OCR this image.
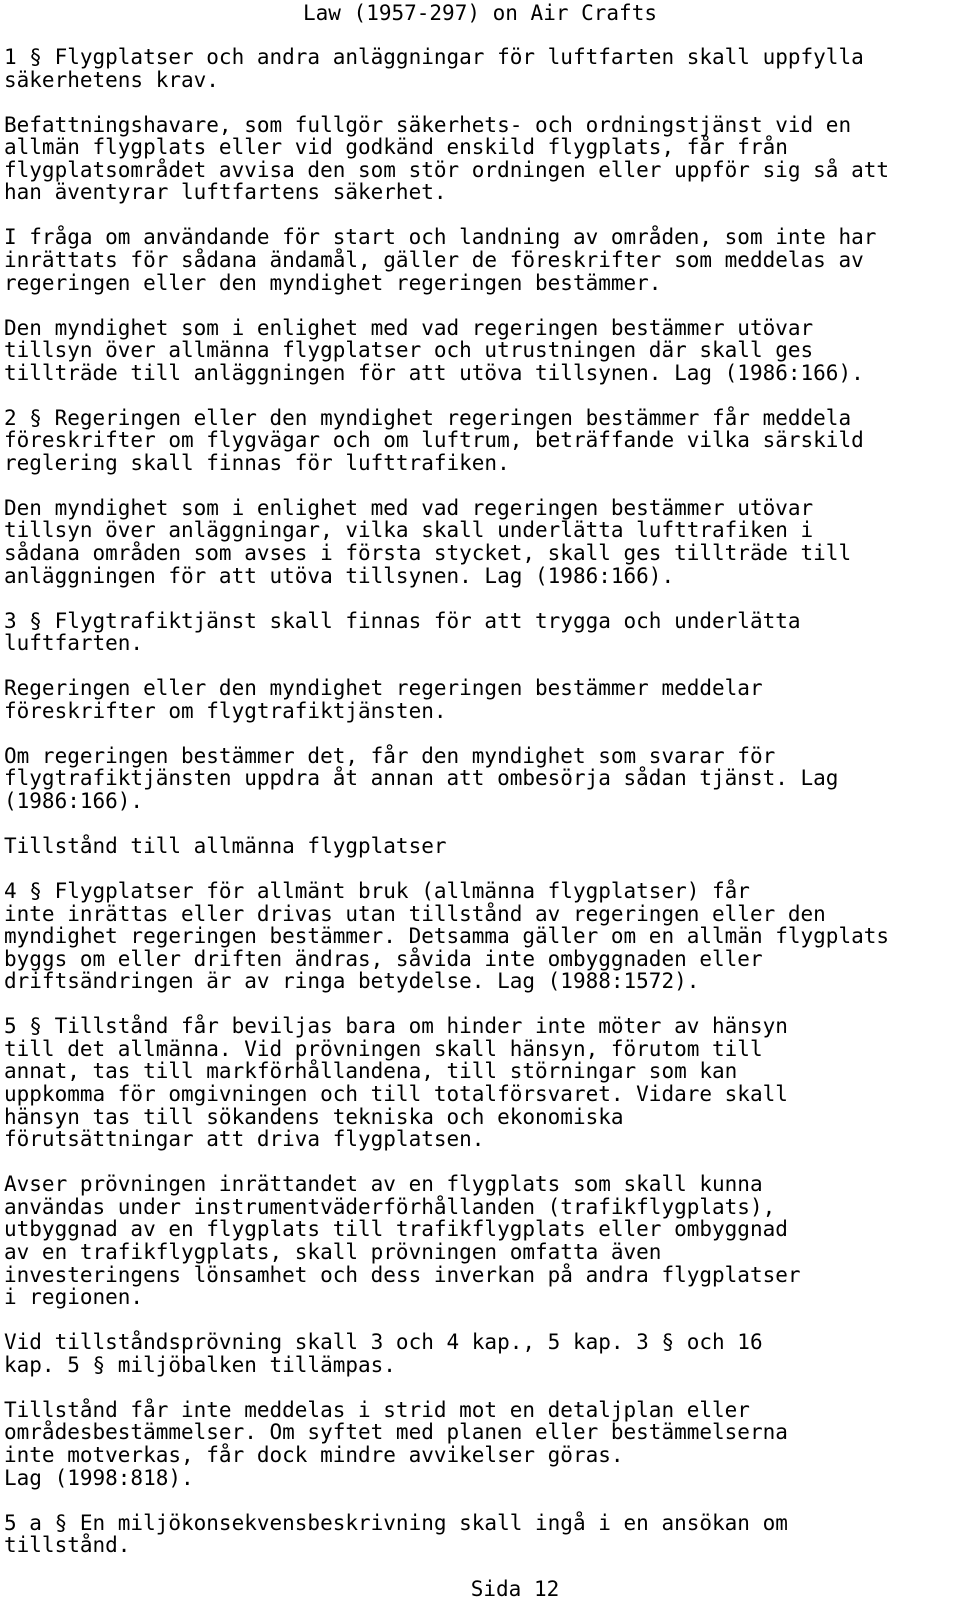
Law (1957-297) on Air Crafts
1 § Flygplatser och andra anläggningar för luftfarten skall uppfylla
säkerhetens krav.
Befattningshavare, som fullgör säkerhets- och ordningstjänst vid en
allmän flygplats eller vid godkänd enskild flygplats, får från
flygplatsområdet avvisa den som stör ordningen eller uppför sig så att
han äventyrar luftfartens säkerhet.
I fråga om användande för start och landning av områden, som inte har
inrättats för sådana ändamål, gäller de föreskrifter som meddelas av
regeringen eller den myndighet regeringen bestämmer.
Den myndighet som i enlighet med vad regeringen bestämmer utövar
tillsyn över allmänna flygplatser och utrustningen där skall ges
tillträde till anläggningen för att utöva tillsynen. Lag (1986:166).
2 § Regeringen eller den myndighet regeringen bestämmer får meddela
föreskrifter om flygvägar och om luftrum, beträffande vilka särskild
reglering skall finnas för lufttrafiken.
Den myndighet som i enlighet med vad regeringen bestämmer utövar
tillsyn över anläggningar, vilka skall underlätta lufttrafiken i
sådana områden som avses i första stycket, skall ges tillträde till
anläggningen för att utöva tillsynen. Lag (1986:166).
3 § Flygtrafiktjänst skall finnas för att trygga och underlätta
luftfarten.
Regeringen eller den myndighet regeringen bestämmer meddelar
föreskrifter om flygtrafiktjänsten.
Om regeringen bestämmer det, får den myndighet som svarar för
flygtrafiktjänsten uppdra åt annan att ombesörja sådan tjänst. Lag
(1986:166).
Tillstånd till allmänna flygplatser
4 § Flygplatser för allmänt bruk (allmänna flygplatser) får
inte inrättas eller drivas utan tillstånd av regeringen eller den
myndighet regeringen bestämmer. Detsamma gäller om en allmän flygplats
byggs om eller driften ändras, såvida inte ombyggnaden eller
driftsändringen är av ringa betydelse. Lag (1988:1572).
5 § Tillstånd får beviljas bara om hinder inte möter av hänsyn
till det allmänna. Vid prövningen skall hänsyn, förutom till
annat, tas till markförhållandena, till störningar som kan
uppkomma för omgivningen och till totalförsvaret. Vidare skall
hänsyn tas till sökandens tekniska och ekonomiska
förutsättningar att driva flygplatsen.
Avser prövningen inrättandet av en flygplats som skall kunna
användas under instrumentväderförhållanden (trafikflygplats),
utbyggnad av en flygplats till trafikflygplats eller ombyggnad
av en trafikflygplats, skall prövningen omfatta även
investeringens lönsamhet och dess inverkan på andra flygplatser
i regionen.
Vid tillståndsprövning skall 3 och 4 kap., 5 kap. 3 § och 16
kap. 5 § miljöbalken tillämpas.
Tillstånd får inte meddelas i strid mot en detaljplan eller
områdesbestämmelser. Om syftet med planen eller bestämmelserna
inte motverkas, får dock mindre avvikelser göras.
Lag (1998:818).
5 a § En miljökonsekvensbeskrivning skall ingå i en ansökan om
tillstånd.
Sida 12
